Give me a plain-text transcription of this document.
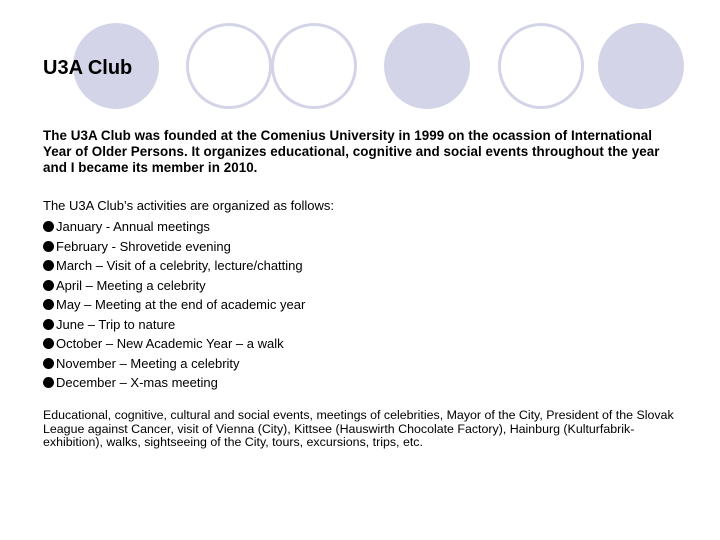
U3A Club

The U3A Club was founded at the Comenius University in 1999 on the ocassion of International Year of Older Persons. It organizes educational, cognitive and social events throughout the year and I became its member in 2010.

The U3A Club’s activities are organized as follows:

January - Annual meetings
February - Shrovetide evening
March – Visit of a celebrity, lecture/chatting
April – Meeting a celebrity
May – Meeting at the end of academic year
June – Trip to nature
October – New Academic Year – a walk
November – Meeting a celebrity
December – X-mas meeting

Educational, cognitive, cultural and social events, meetings of celebrities, Mayor of the City, President of the Slovak League against Cancer, visit of Vienna (City), Kittsee (Hauswirth Chocolate Factory), Hainburg (Kulturfabrik-exhibition), walks, sightseeing of the City, tours, excursions, trips, etc.
